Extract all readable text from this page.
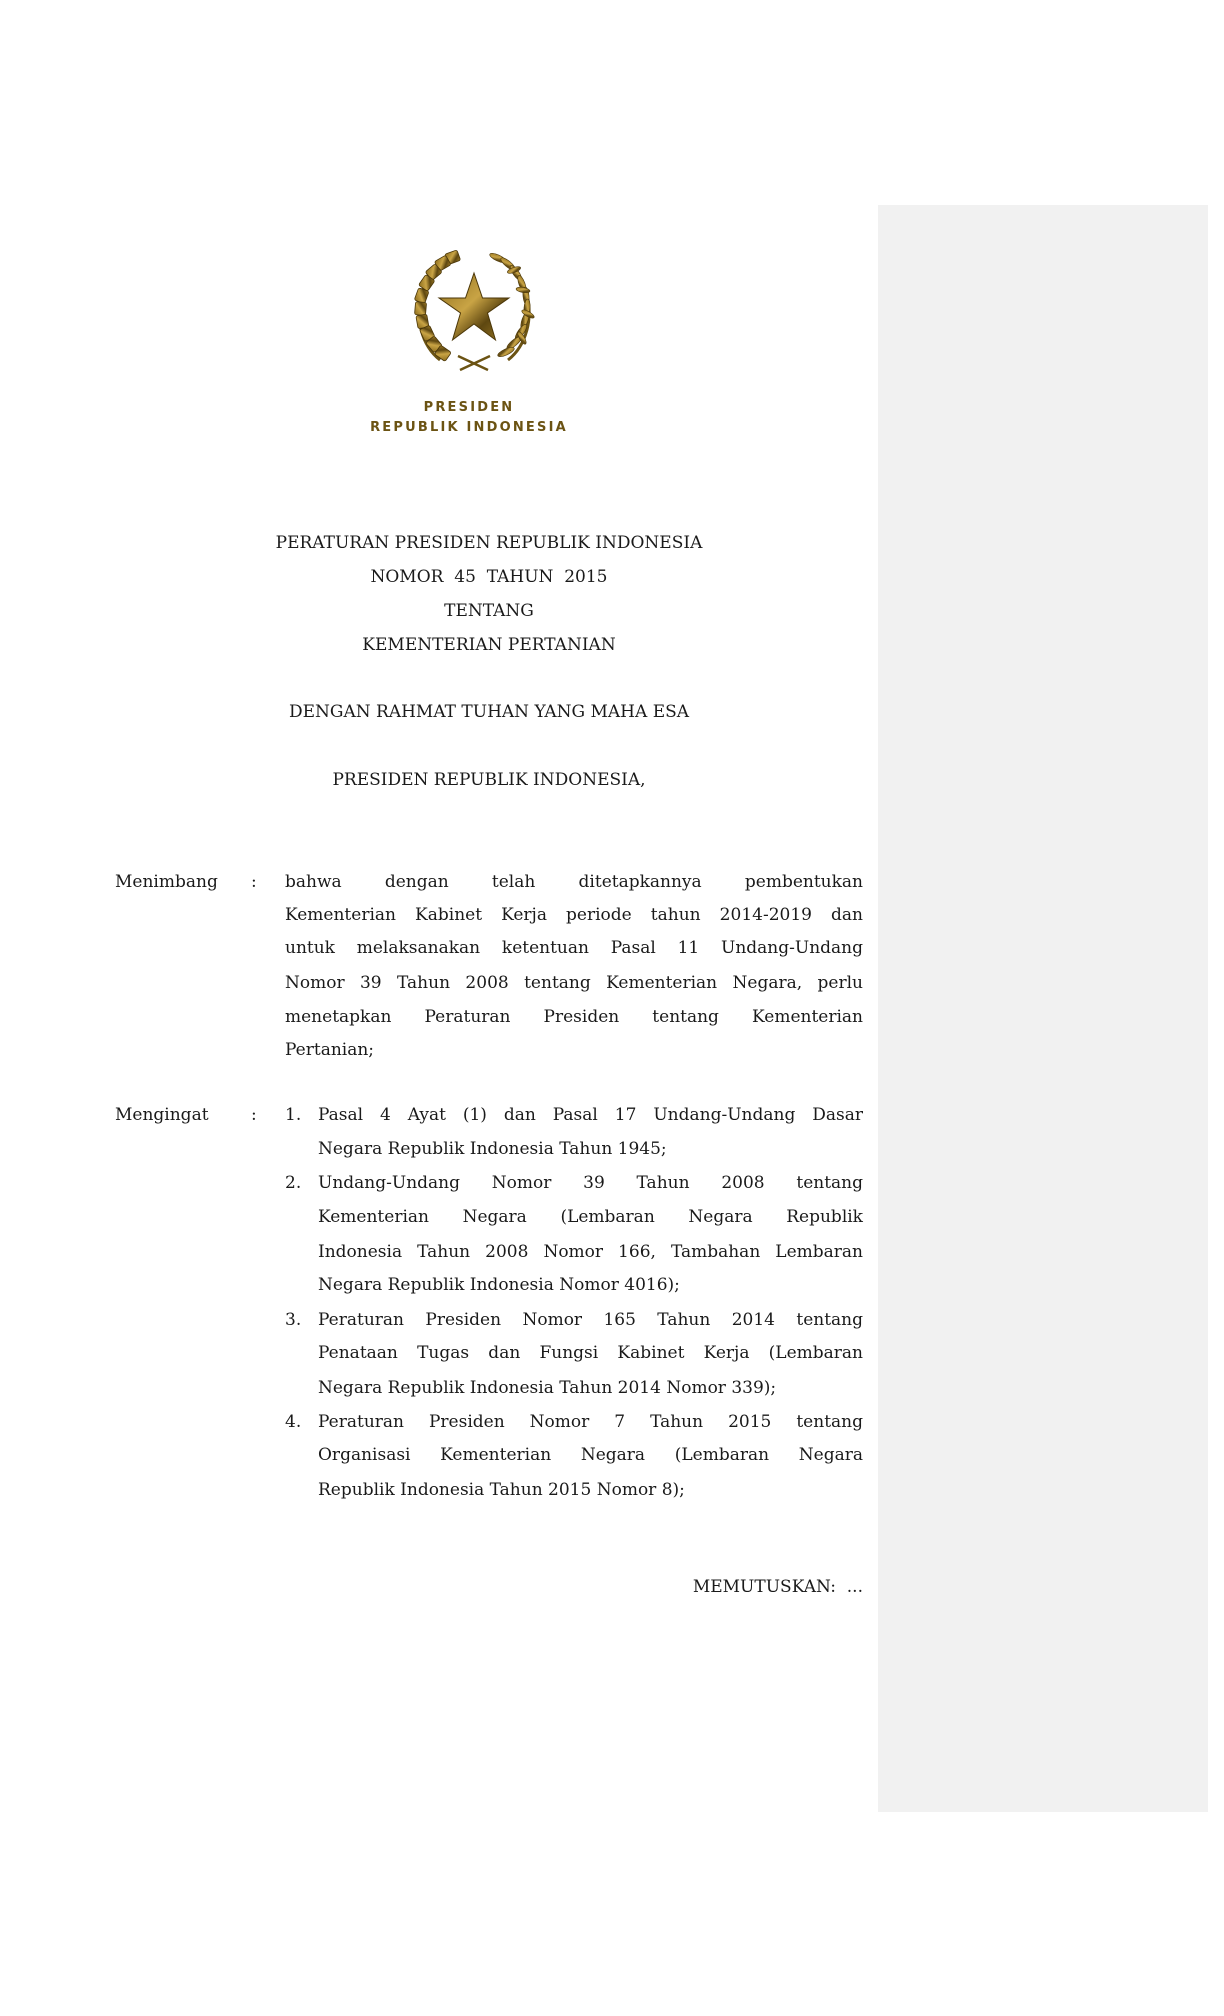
PRESIDEN
REPUBLIK INDONESIA
PERATURAN PRESIDEN REPUBLIK INDONESIA
NOMOR  45  TAHUN  2015
TENTANG
KEMENTERIAN PERTANIAN
DENGAN RAHMAT TUHAN YANG MAHA ESA
PRESIDEN REPUBLIK INDONESIA,
Menimbang : bahwa dengan telah ditetapkannya pembentukan
Kementerian Kabinet Kerja periode tahun 2014-2019 dan
untuk melaksanakan ketentuan Pasal 11 Undang-Undang
Nomor 39 Tahun 2008 tentang Kementerian Negara, perlu
menetapkan Peraturan Presiden tentang Kementerian
Pertanian;
Mengingat : 1. Pasal 4 Ayat (1) dan Pasal 17 Undang-Undang Dasar
Negara Republik Indonesia Tahun 1945;
2. Undang-Undang Nomor 39 Tahun 2008 tentang
Kementerian Negara (Lembaran Negara Republik
Indonesia Tahun 2008 Nomor 166, Tambahan Lembaran
Negara Republik Indonesia Nomor 4016);
3. Peraturan Presiden Nomor 165 Tahun 2014 tentang
Penataan Tugas dan Fungsi Kabinet Kerja (Lembaran
Negara Republik Indonesia Tahun 2014 Nomor 339);
4. Peraturan Presiden Nomor 7 Tahun 2015 tentang
Organisasi Kementerian Negara (Lembaran Negara
Republik Indonesia Tahun 2015 Nomor 8);
MEMUTUSKAN:  ...
